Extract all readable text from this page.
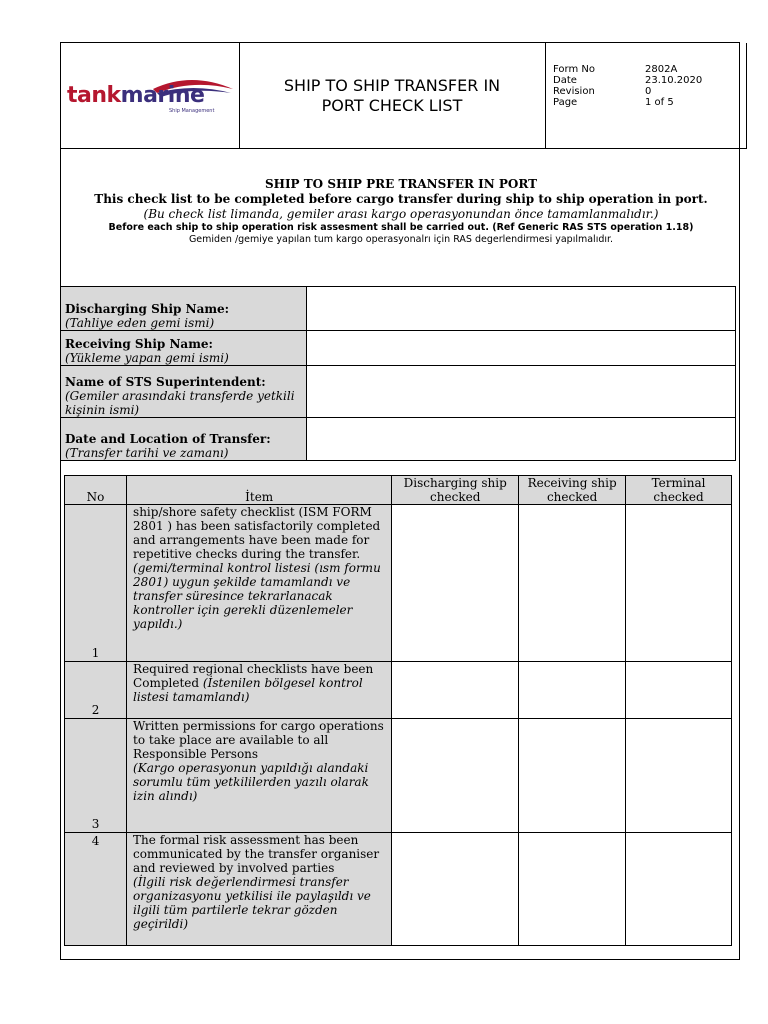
tankmarine
Ship Management
SHIP TO SHIP TRANSFER IN
PORT CHECK LIST
Form No	2802A
Date	23.10.2020
Revision	0
Page	1 of 5
SHIP TO SHIP PRE TRANSFER IN PORT
This check list to be completed before cargo transfer during ship to ship operation in port.
(Bu check list limanda, gemiler arası kargo operasyonundan önce tamamlanmalıdır.)
Before each ship to ship operation risk assesment shall be carried out. (Ref Generic RAS STS operation 1.18)
Gemiden /gemiye yapılan tum kargo operasyonalrı için RAS degerlendirmesi yapılmalıdır.
Discharging Ship Name:
(Tahliye eden gemi ismi)	

Receiving Ship Name:
(Yükleme yapan gemi ismi)	

Name of STS Superintendent:
(Gemiler arasındaki transferde yetkili kişinin ismi)	

Date and Location of Transfer:
(Transfer tarihi ve zamanı)	

No	İtem	Discharging ship checked	Receiving ship checked	Terminal checked
1	ship/shore safety checklist (ISM FORM 2801 ) has been satisfactorily completed and arrangements have been made for repetitive checks during the transfer.
(gemi/terminal kontrol listesi (ısm formu 2801) uygun şekilde tamamlandı ve transfer süresince tekrarlanacak kontroller için gerekli düzenlemeler yapıldı.)			
2	Required regional checklists have been Completed (İstenilen bölgesel kontrol listesi tamamlandı)			
3	Written permissions for cargo operations to take place are available to all Responsible Persons
(Kargo operasyonun yapıldığı alandaki sorumlu tüm yetkililerden yazılı olarak izin alındı)			
4	The formal risk assessment has been communicated by the transfer organiser and reviewed by involved parties
(İlgili risk değerlendirmesi transfer organizasyonu yetkilisi ile paylaşıldı ve ilgili tüm partilerle tekrar gözden geçirildi)			
